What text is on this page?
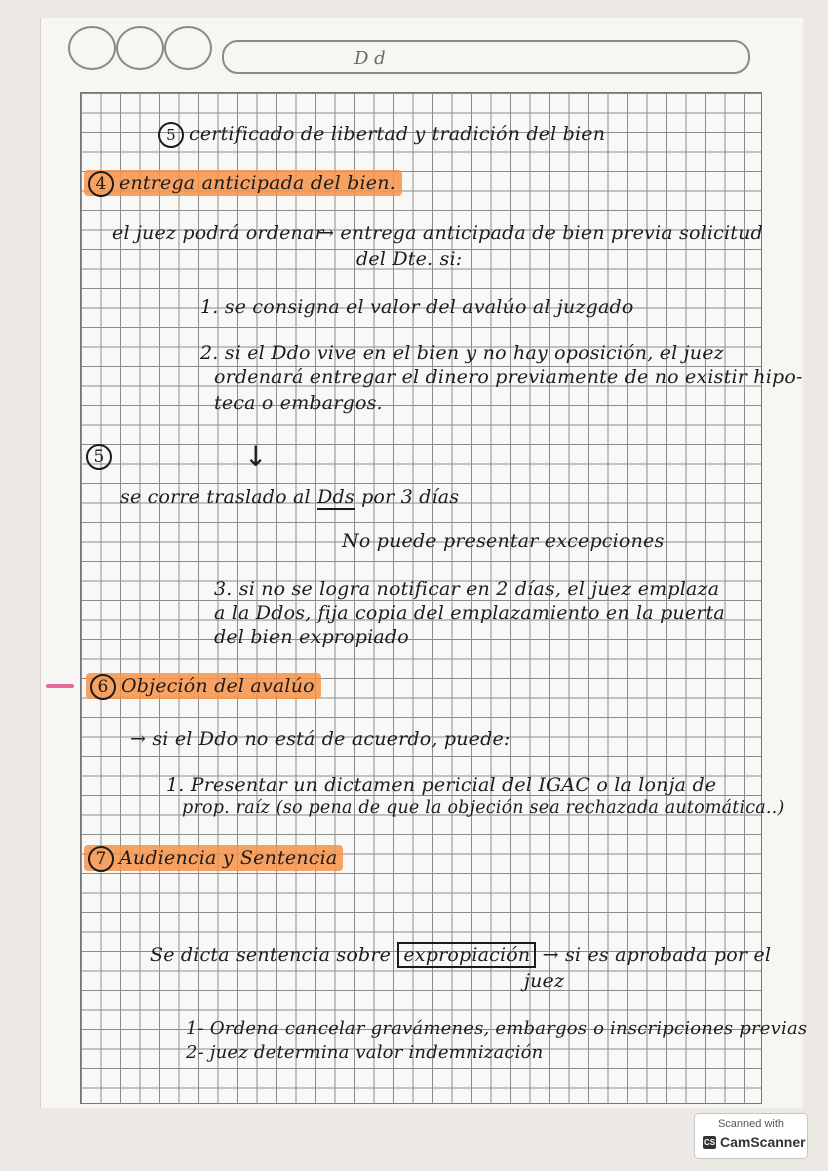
D d
5 certificado de libertad y tradición del bien
4 entrega anticipada del bien.
el juez podrá ordenar
→ entrega anticipada de bien previa solicitud
del Dte. si:
1. se consigna el valor del avalúo al juzgado
2. si el Ddo vive en el bien y no hay oposición, el juez
ordenará entregar el dinero previamente de no existir hipo-
teca o embargos.
5	↓
se corre traslado al Dds por 3 días
No puede presentar excepciones
3. si no se logra notificar en 2 días, el juez emplaza
a la Ddos, fija copia del emplazamiento en la puerta
del bien expropiado
6 Objeción del avalúo
→ si el Ddo no está de acuerdo, puede:
1. Presentar un dictamen pericial del IGAC o la lonja de
prop. raíz (so pena de que la objeción sea rechazada automática..)
7 Audiencia y Sentencia
Se dicta sentencia sobre expropiación → si es aprobada por el
juez
1- Ordena cancelar gravámenes, embargos o inscripciones previas
2- juez determina valor indemnización
Scanned with
CS CamScanner
